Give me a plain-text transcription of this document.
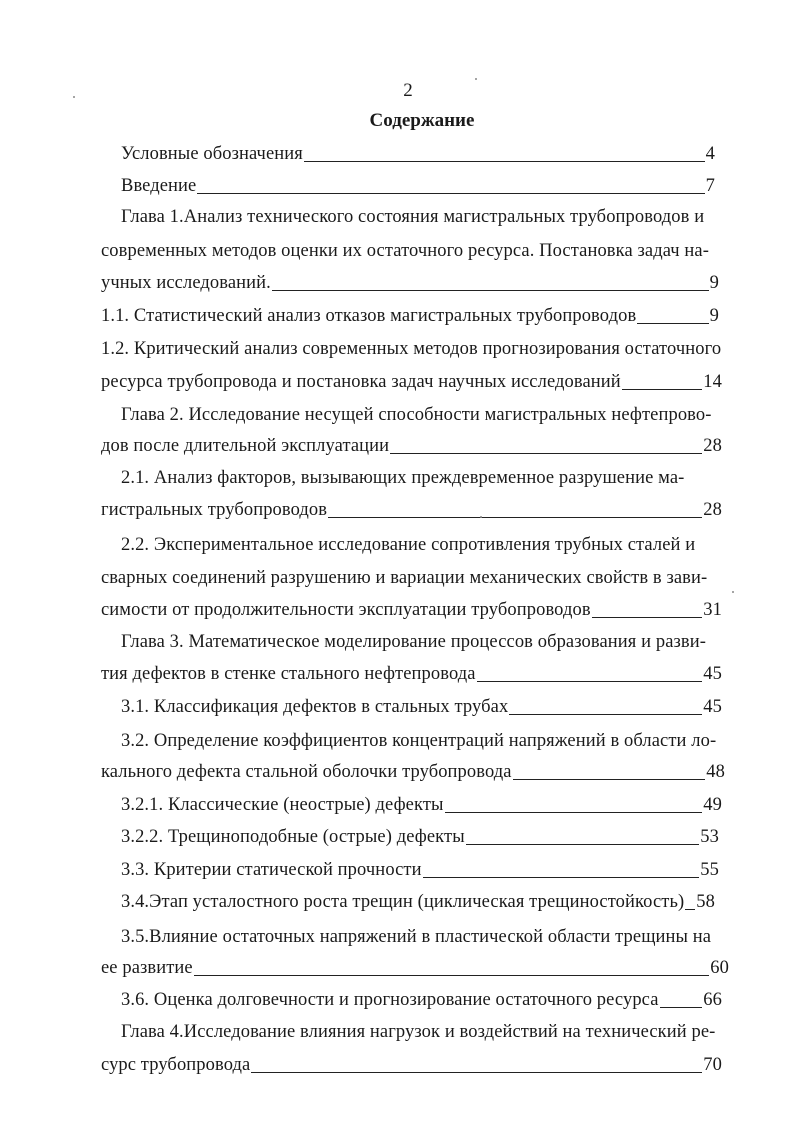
2
Содержание
Условные обозначения	4
Введение	7
Глава 1.Анализ технического состояния магистральных трубопроводов и
современных методов оценки их остаточного ресурса. Постановка задач на-
учных исследований.	9
1.1. Статистический анализ отказов магистральных трубопроводов	9
1.2. Критический анализ современных методов прогнозирования остаточного
ресурса трубопровода и постановка задач научных исследований	14
Глава 2. Исследование несущей способности магистральных нефтепрово-
дов после длительной эксплуатации	28
2.1. Анализ факторов, вызывающих преждевременное разрушение ма-
гистральных трубопроводов	28
2.2. Экспериментальное исследование сопротивления трубных сталей и
сварных соединений разрушению и вариации механических свойств в зави-
симости от продолжительности эксплуатации трубопроводов	31
Глава 3. Математическое моделирование процессов образования и разви-
тия дефектов в стенке стального нефтепровода	45
3.1. Классификация дефектов в стальных трубах	45
3.2. Определение коэффициентов концентраций напряжений в области ло-
кального дефекта стальной оболочки трубопровода	48
3.2.1. Классические (неострые) дефекты	49
3.2.2. Трещиноподобные (острые) дефекты	53
3.3. Критерии статической прочности	55
3.4.Этап усталостного роста трещин (циклическая трещиностойкость) 58
3.5.Влияние остаточных напряжений в пластической области трещины на
ее развитие	60
3.6. Оценка долговечности и прогнозирование остаточного ресурса 66
Глава 4.Исследование влияния нагрузок и воздействий на технический ре-
сурс трубопровода	70
